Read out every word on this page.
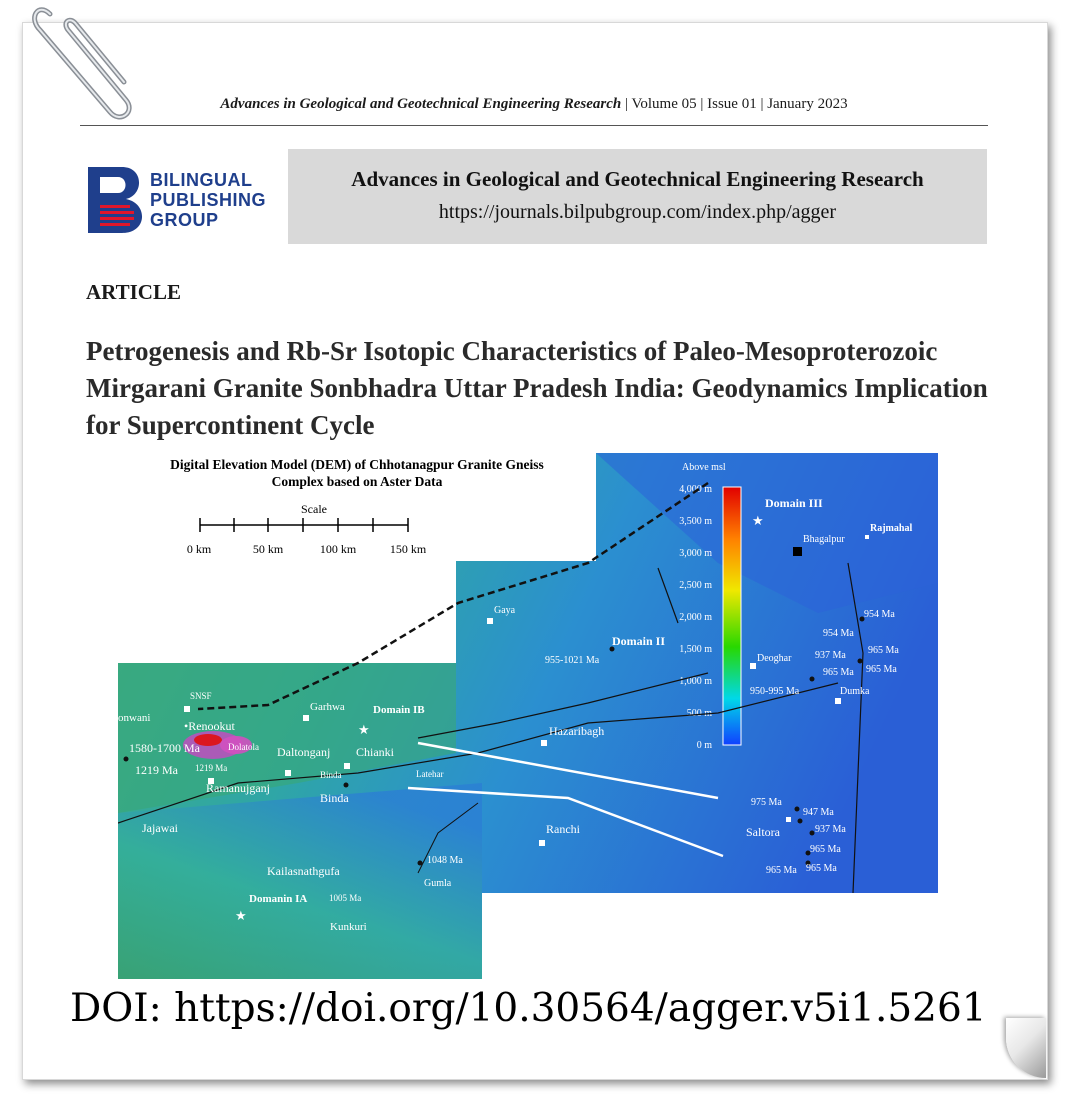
Advances in Geological and Geotechnical Engineering Research | Volume 05 | Issue 01 | January 2023
BILINGUAL
PUBLISHING
GROUP
Advances in Geological and Geotechnical Engineering Research
https://journals.bilpubgroup.com/index.php/agger
ARTICLE
Petrogenesis and Rb-Sr Isotopic Characteristics of Paleo-Mesoproterozoic Mirgarani Granite Sonbhadra Uttar Pradesh India: Geodynamics Implication for Supercontinent Cycle
Above msl
4,000 m
3,500 m
3,000 m
2,500 m
2,000 m
1,500 m
1,000 m
500 m
0 m
Digital Elevation Model (DEM) of Chhotanagpur Granite Gneiss
Complex based on Aster Data
Scale
0 km	50 km	100 km	150 km
★
★
★
Domain III
Bhagalpur
Rajmahal
Gaya
Domain II
955-1021 Ma	Deoghar
950-995 Ma	Dumka
954 Ma
954 Ma
937 Ma 965 Ma
965 Ma 965 Ma
Hazaribagh
Ranchi	Saltora
975 Ma
947 Ma
937 Ma
965 Ma
965 Ma 965 Ma
Garhwa	Domain IB
Chianki
Daltonganj
SNSF
onwani
•Renookut
Dolatola
1580-1700 Ma
1219 Ma 1219 Ma
Binda
Binda
Latehar
Ramanujganj
Jajawai
Kailasnathgufa
1048 Ma
Gumla
Domanin IA 1005 Ma
Kunkuri
DOI: https://doi.org/10.30564/agger.v5i1.5261
